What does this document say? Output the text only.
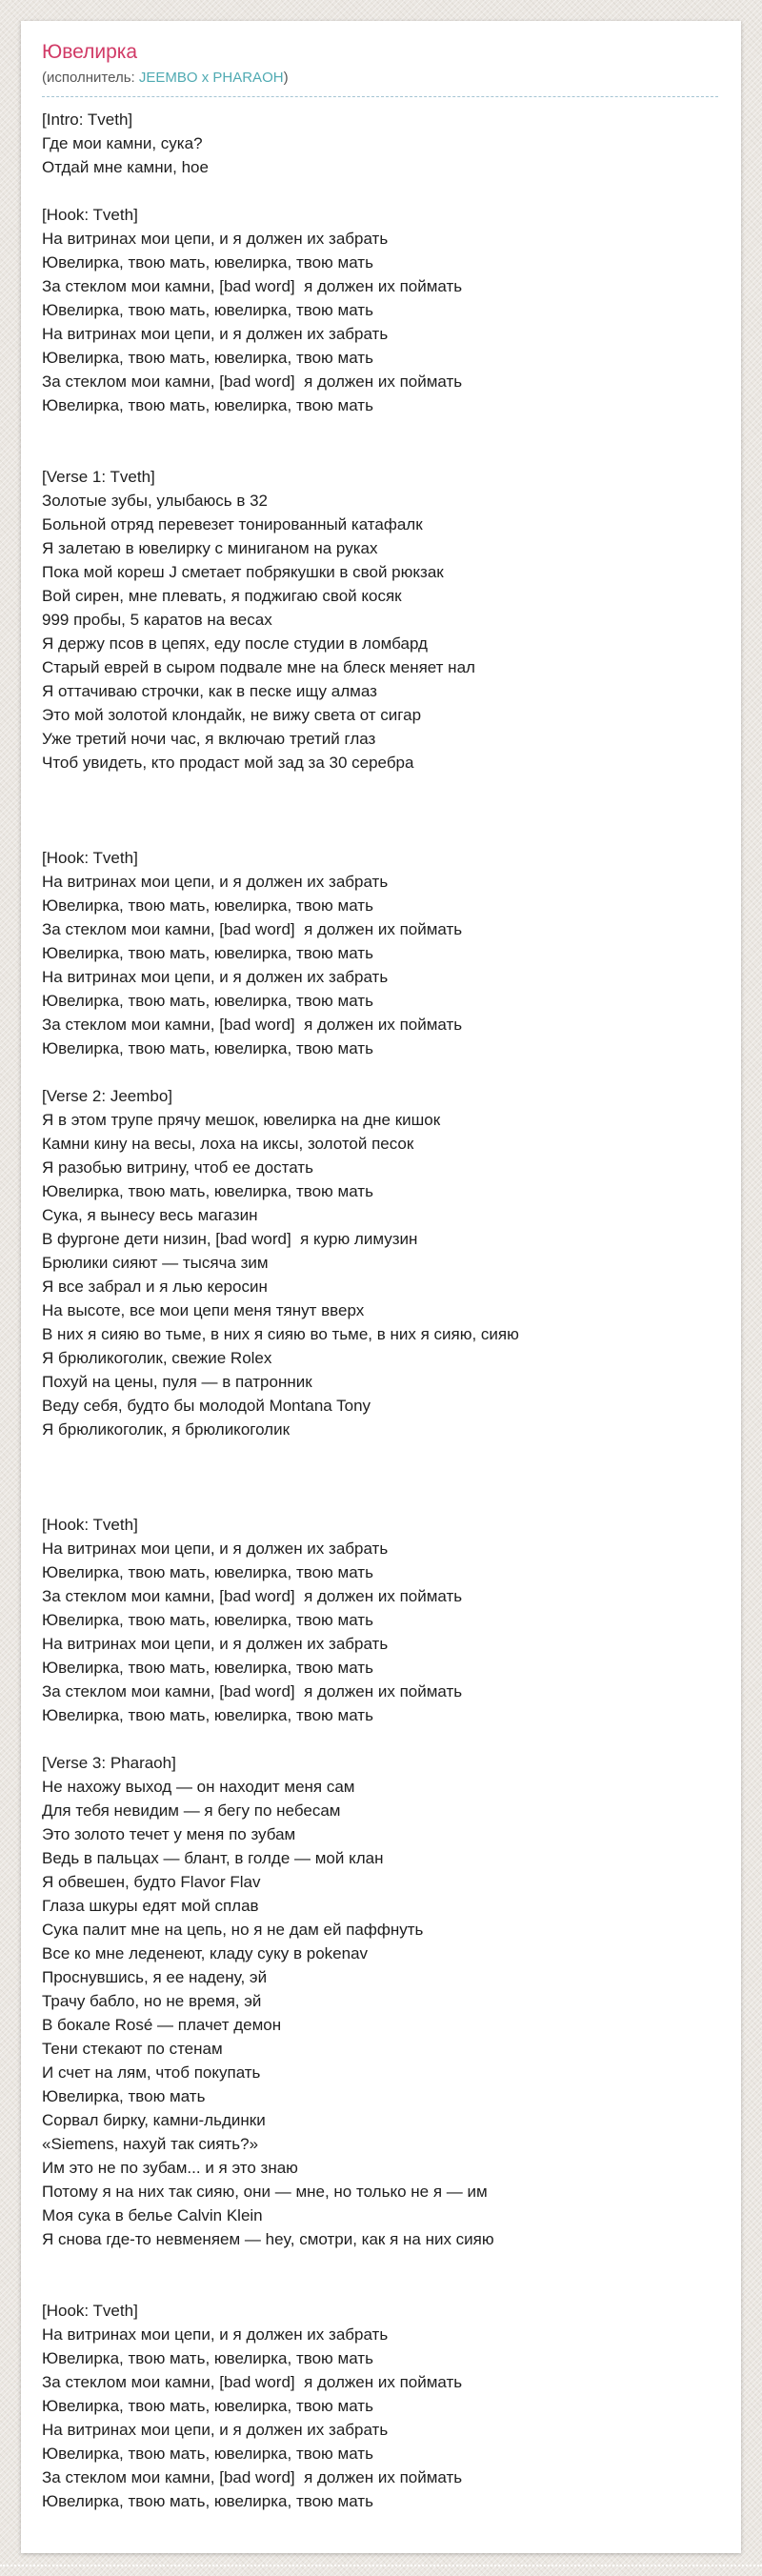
Ювелирка
(исполнитель: JEEMBO x PHARAOH)
[Intro: Tveth]
Где мои камни, сука?
Отдай мне камни, hoe

[Hook: Tveth]
На витринах мои цепи, и я должен их забрать
Ювелирка, твою мать, ювелирка, твою мать
За стеклом мои камни, [bad word]  я должен их поймать
Ювелирка, твою мать, ювелирка, твою мать
На витринах мои цепи, и я должен их забрать
Ювелирка, твою мать, ювелирка, твою мать
За стеклом мои камни, [bad word]  я должен их поймать
Ювелирка, твою мать, ювелирка, твою мать

[Verse 1: Tveth]
Золотые зубы, улыбаюсь в 32
Больной отряд перевезет тонированный катафалк
Я залетаю в ювелирку с миниганом на руках
Пока мой кореш J сметает побрякушки в свой рюкзак
Вой сирен, мне плевать, я поджигаю свой косяк
999 пробы, 5 каратов на весах
Я держу псов в цепях, еду после студии в ломбард
Старый еврей в сыром подвале мне на блеск меняет нал
Я оттачиваю строчки, как в песке ищу алмаз
Это мой золотой клондайк, не вижу света от сигар
Уже третий ночи час, я включаю третий глаз
Чтоб увидеть, кто продаст мой зад за 30 серебра

[Hook: Tveth]
На витринах мои цепи, и я должен их забрать
Ювелирка, твою мать, ювелирка, твою мать
За стеклом мои камни, [bad word]  я должен их поймать
Ювелирка, твою мать, ювелирка, твою мать
На витринах мои цепи, и я должен их забрать
Ювелирка, твою мать, ювелирка, твою мать
За стеклом мои камни, [bad word]  я должен их поймать
Ювелирка, твою мать, ювелирка, твою мать

[Verse 2: Jeembo]
Я в этом трупе прячу мешок, ювелирка на дне кишок
Камни кину на весы, лоха на иксы, золотой песок
Я разобью витрину, чтоб ее достать
Ювелирка, твою мать, ювелирка, твою мать
Сука, я вынесу весь магазин
В фургоне дети низин, [bad word]  я курю лимузин
Брюлики сияют — тысяча зим
Я все забрал и я лью керосин
На высоте, все мои цепи меня тянут вверх
В них я сияю во тьме, в них я сияю во тьме, в них я сияю, сияю
Я брюликоголик, свежие Rolex
Похуй на цены, пуля — в патронник
Веду себя, будто бы молодой Montana Tony
Я брюликоголик, я брюликоголик

[Hook: Tveth]
На витринах мои цепи, и я должен их забрать
Ювелирка, твою мать, ювелирка, твою мать
За стеклом мои камни, [bad word]  я должен их поймать
Ювелирка, твою мать, ювелирка, твою мать
На витринах мои цепи, и я должен их забрать
Ювелирка, твою мать, ювелирка, твою мать
За стеклом мои камни, [bad word]  я должен их поймать
Ювелирка, твою мать, ювелирка, твою мать

[Verse 3: Pharaoh]
Не нахожу выход — он находит меня сам
Для тебя невидим — я бегу по небесам
Это золото течет у меня по зубам
Ведь в пальцах — блант, в голде — мой клан
Я обвешен, будто Flavor Flav
Глаза шкуры едят мой сплав
Сука палит мне на цепь, но я не дам ей паффнуть
Все ко мне леденеют, кладу суку в pokenav
Проснувшись, я ее надену, эй
Трачу бабло, но не время, эй
В бокале Rosé — плачет демон
Тени стекают по стенам
И счет на лям, чтоб покупать
Ювелирка, твою мать
Сорвал бирку, камни-льдинки
«Siemens, нахуй так сиять?»
Им это не по зубам... и я это знаю
Потому я на них так сияю, они — мне, но только не я — им
Моя сука в белье Calvin Klein
Я снова где-то невменяем — hey, смотри, как я на них сияю

[Hook: Tveth]
На витринах мои цепи, и я должен их забрать
Ювелирка, твою мать, ювелирка, твою мать
За стеклом мои камни, [bad word]  я должен их поймать
Ювелирка, твою мать, ювелирка, твою мать
На витринах мои цепи, и я должен их забрать
Ювелирка, твою мать, ювелирка, твою мать
За стеклом мои камни, [bad word]  я должен их поймать
Ювелирка, твою мать, ювелирка, твою мать
